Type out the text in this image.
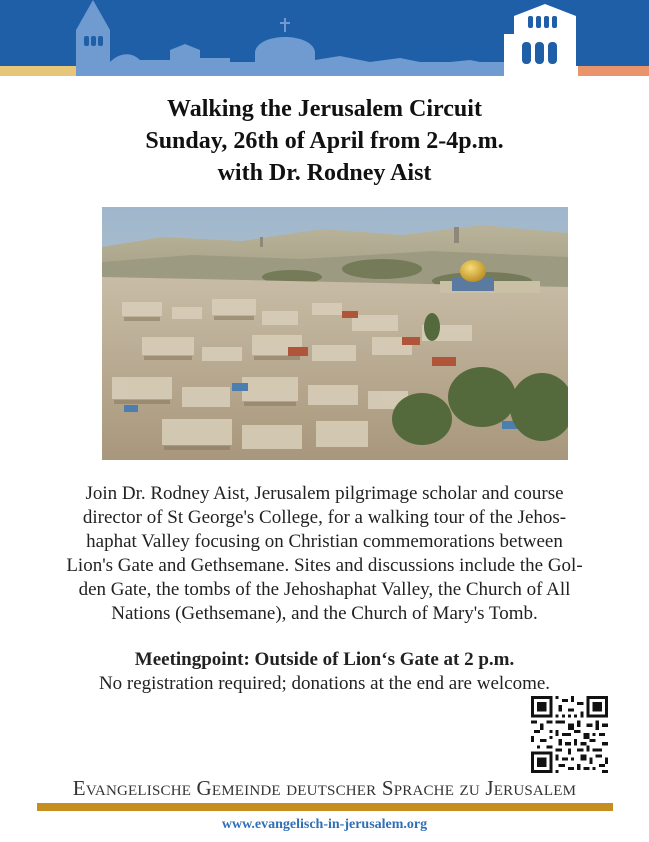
Walking the Jerusalem Circuit
Sunday, 26th of April from 2-4p.m.
with Dr. Rodney Aist
Join Dr. Rodney Aist, Jerusalem pilgrimage scholar and course
director of St George's College, for a walking tour of the Jehos-
haphat Valley focusing on Christian commemorations between
Lion's Gate and Gethsemane. Sites and discussions include the Gol-
den Gate, the tombs of the Jehoshaphat Valley, the Church of All
Nations (Gethsemane), and the Church of Mary's Tomb.
Meetingpoint: Outside of Lion‘s Gate at 2 p.m.
No registration required; donations at the end are welcome.
Evangelische Gemeinde deutscher Sprache zu Jerusalem
www.evangelisch-in-jerusalem.org
